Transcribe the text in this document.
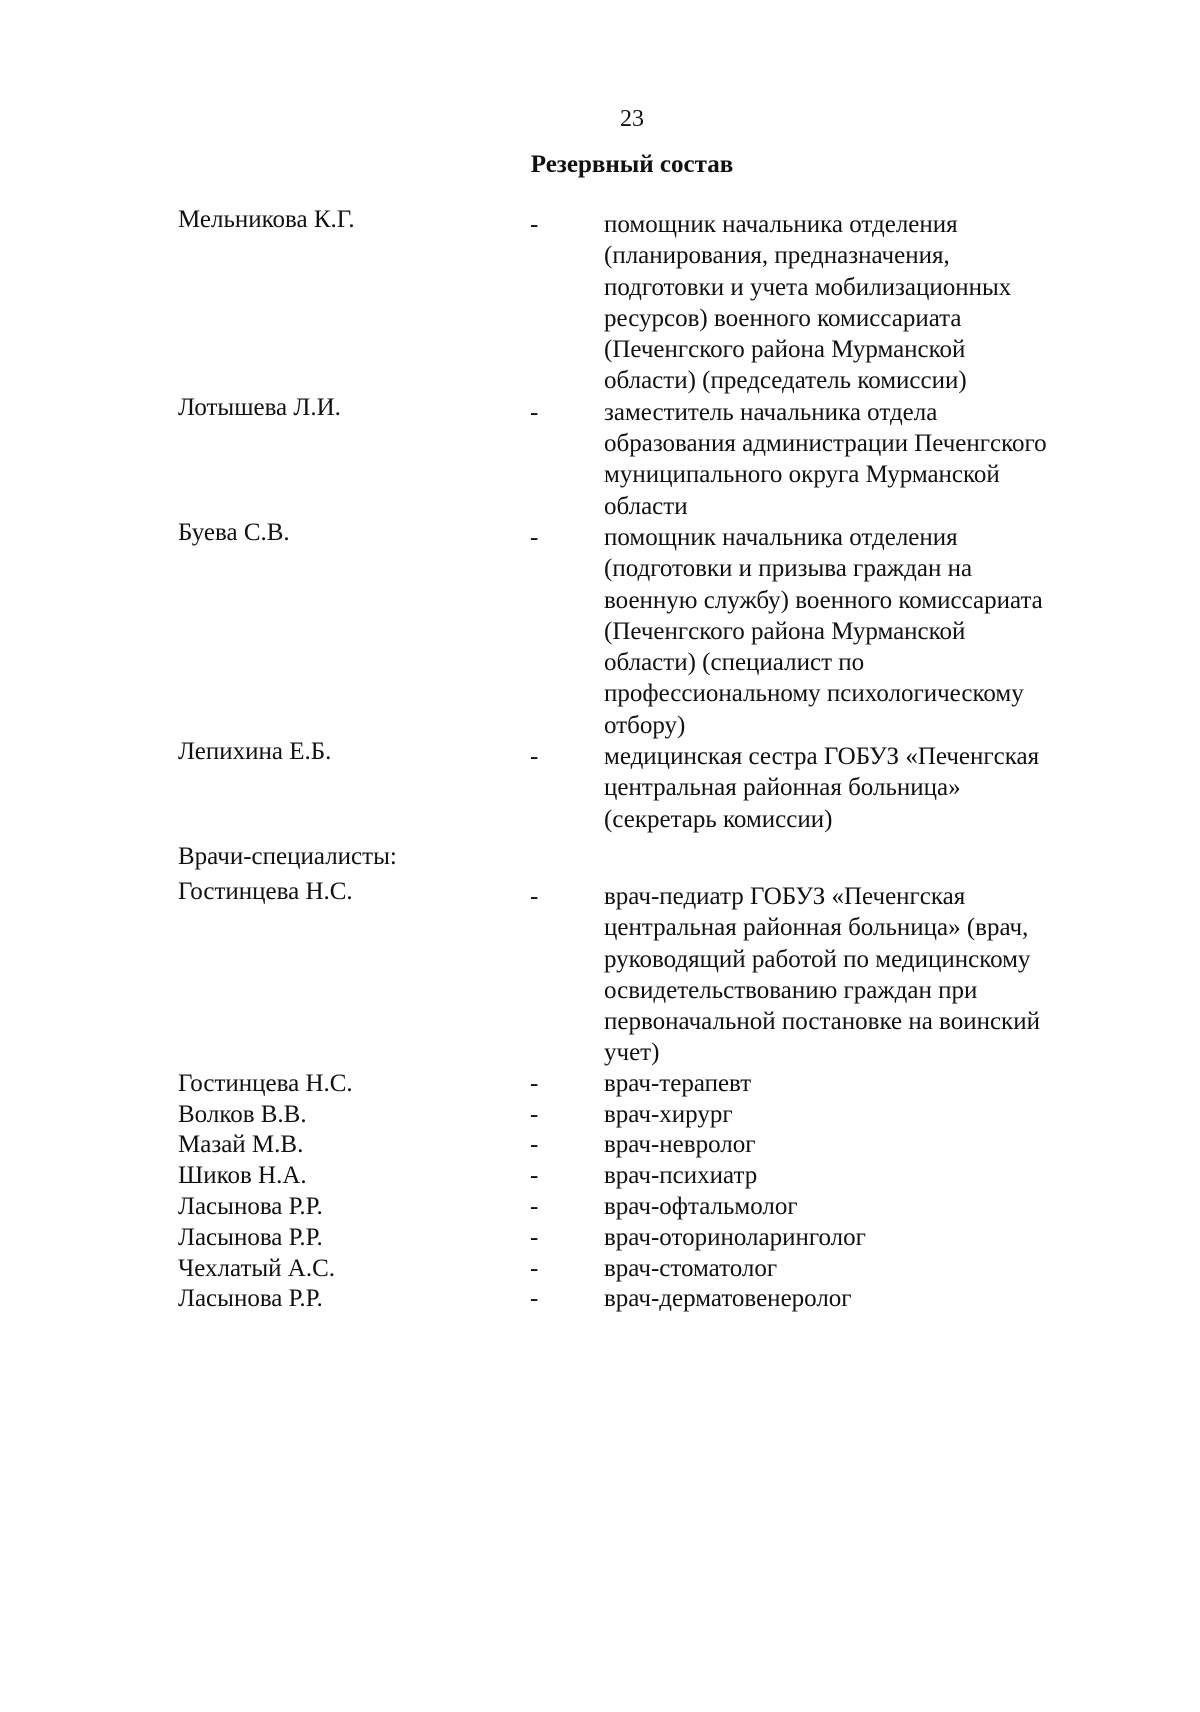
23
Резервный состав
Мельникова К.Г.	-	помощник начальника отделения
(планирования, предназначения,
подготовки и учета мобилизационных
ресурсов) военного комиссариата
(Печенгского района Мурманской
области) (председатель комиссии)
Лотышева Л.И.	-	заместитель начальника отдела
образования администрации Печенгского
муниципального округа Мурманской
области
Буева С.В.	-	помощник начальника отделения
(подготовки и призыва граждан на
военную службу) военного комиссариата
(Печенгского района Мурманской
области) (специалист по
профессиональному психологическому
отбору)
Лепихина Е.Б.	-	медицинская сестра ГОБУЗ «Печенгская
центральная районная больница»
(секретарь комиссии)
Врачи-специалисты:
Гостинцева Н.С.	-	врач-педиатр ГОБУЗ «Печенгская
центральная районная больница» (врач,
руководящий работой по медицинскому
освидетельствованию граждан при
первоначальной постановке на воинский
учет)
Гостинцева Н.С.	-	врач-терапевт
Волков В.В.	-	врач-хирург
Мазай М.В.	-	врач-невролог
Шиков Н.А.	-	врач-психиатр
Ласынова Р.Р.	-	врач-офтальмолог
Ласынова Р.Р.	-	врач-оториноларинголог
Чехлатый А.С.	-	врач-стоматолог
Ласынова Р.Р.	-	врач-дерматовенеролог
